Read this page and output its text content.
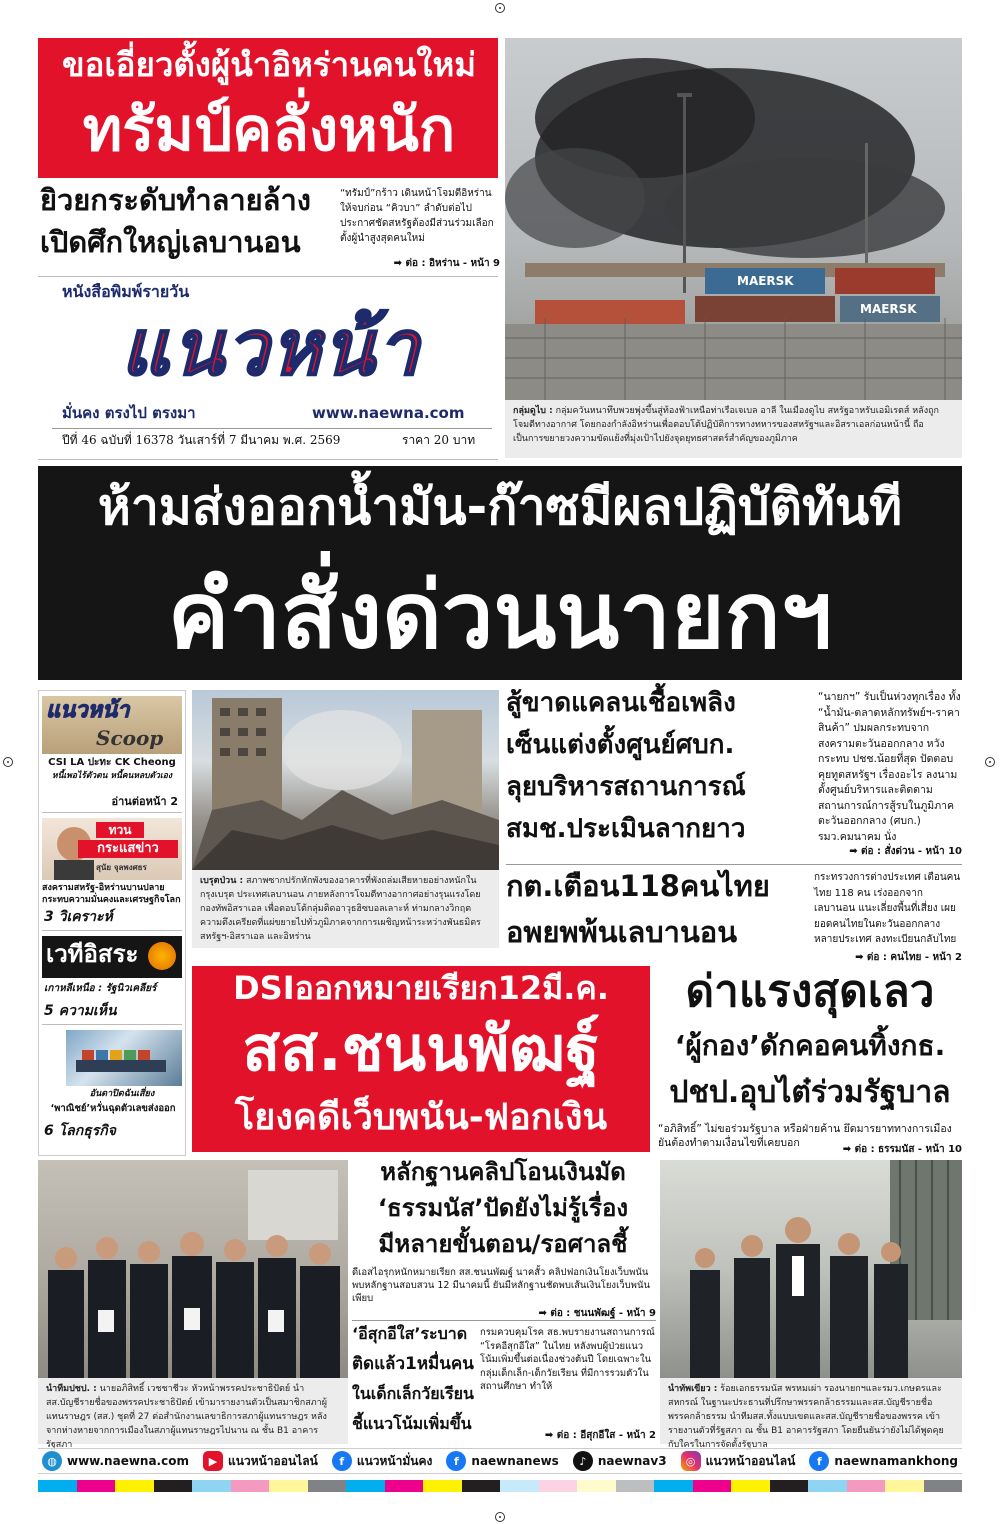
ขอเอี่ยวตั้งผู้นำอิหร่านคนใหม่
ทรัมป์คลั่งหนัก
ยิวยกระดับทำลายล้าง
เปิดศึกใหญ่เลบานอน
“ทรัมป์”กร้าว เดินหน้าโจมตีอิหร่านให้จบก่อน “คิวบา” ลำดับต่อไป ประกาศชัดสหรัฐต้องมีส่วนร่วมเลือกตั้งผู้นำสูงสุดคนใหม่
➡ ต่อ : อิหร่าน - หน้า 9
หนังสือพิมพ์รายวัน
แนวหน้า
มั่นคง ตรงไป ตรงมา	www.naewna.com
ปีที่ 46 ฉบับที่ 16378 วันเสาร์ที่ 7 มีนาคม พ.ศ. 2569	ราคา 20 บาท
MAERSK
MAERSK
กลุ่มดูไบ : กลุ่มควันหนาทึบพวยพุ่งขึ้นสู่ท้องฟ้าเหนือท่าเรือเจเบล อาลี ในเมืองดูไบ สหรัฐอาหรับเอมิเรตส์ หลังถูกโจมตีทางอากาศ โดยกองกำลังอิหร่านเพื่อตอบโต้ปฏิบัติการทางทหารของสหรัฐฯและอิสราเอลก่อนหน้านี้ ถือเป็นการขยายวงความขัดแย้งที่มุ่งเป้าไปยังจุดยุทธศาสตร์สำคัญของภูมิภาค
ห้ามส่งออกน้ำมัน-ก๊าซมีผลปฏิบัติทันที
คำสั่งด่วนนายกฯ
แนวหน้า
Scoop
CSI LA ปะทะ CK Cheong
หนี้เพอไร้ตัวตน หนี้คนหลบตัวเอง
อ่านต่อหน้า 2
ทวน
กระแสข่าว
สุนัย จุลพงศธร
สงครามสหรัฐ-อิหร่านบานปลาย กระทบความมั่นคงและเศรษฐกิจโลก
3 วิเคราะห์
เวทีอิสระ
เกาหลีเหนือ : รัฐนิวเคลียร์
5 ความเห็น
อันดาปิดฉันเสี่ยง
‘พาณิชย์’หวั่นฉุดตัวเลขส่งออก
6 โลกธุรกิจ
เบรุตป่วน : สภาพซากปรักหักพังของอาคารที่พังถล่มเสียหายอย่างหนักในกรุงเบรุต ประเทศเลบานอน ภายหลังการโจมตีทางอากาศอย่างรุนแรงโดยกองทัพอิสราเอล เพื่อตอบโต้กลุ่มติดอาวุธฮิซบอลเลาะห์ ท่ามกลางวิกฤตความตึงเครียดที่แผ่ขยายไปทั่วภูมิภาคจากการเผชิญหน้าระหว่างพันธมิตรสหรัฐฯ-อิสราเอล และอิหร่าน
สู้ขาดแคลนเชื้อเพลิง
เซ็นแต่งตั้งศูนย์ศบก.
ลุยบริหารสถานการณ์
สมช.ประเมินลากยาว
“นายกฯ” รับเป็นห่วงทุกเรื่อง ทั้ง “น้ำมัน-ตลาดหลักทรัพย์ฯ-ราคาสินค้า” ปมผลกระทบจากสงครามตะวันออกกลาง หวังกระทบ ปชช.น้อยที่สุด ปัดตอบคุยทูตสหรัฐฯ เรื่องอะไร ลงนามตั้งศูนย์บริหารและติดตามสถานการณ์การสู้รบในภูมิภาคตะวันออกกลาง (ศบก.) รมว.คมนาคม นั่ง
➡ ต่อ : สั่งด่วน - หน้า 10
กต.เตือน118คนไทย
อพยพพ้นเลบานอน
กระทรวงการต่างประเทศ เตือนคนไทย 118 คน เร่งออกจากเลบานอน แนะเลี่ยงพื้นที่เสี่ยง เผยยอดคนไทยในตะวันออกกลางหลายประเทศ ลงทะเบียนกลับไทย
➡ ต่อ : คนไทย - หน้า 2
DSIออกหมายเรียก12มี.ค.
สส.ชนนพัฒฐ์
โยงคดีเว็บพนัน-ฟอกเงิน
ด่าแรงสุดเลว
‘ผู้กอง’ดักคอคนทิ้งกธ.
ปชป.อุบไต๋ร่วมรัฐบาล
“อภิสิทธิ์” ไม่ขอร่วมรัฐบาล หรือฝ่ายค้าน ยึดมารยาททางการเมือง ยันต้องทำตามเงื่อนไขที่เคยบอก
➡ ต่อ : ธรรมนัส - หน้า 10
นำทีมปชป. : นายอภิสิทธิ์ เวชชาชีวะ หัวหน้าพรรคประชาธิปัตย์ นำ สส.บัญชีรายชื่อของพรรคประชาธิปัตย์ เข้ามารายงานตัวเป็นสมาชิกสภาผู้แทนราษฎร (สส.) ชุดที่ 27 ต่อสำนักงานเลขาธิการสภาผู้แทนราษฎร หลังจากห่างหายจากการเมืองในสภาผู้แทนราษฎรไปนาน ณ ชั้น B1 อาคารรัฐสภา
หลักฐานคลิปโอนเงินมัด
‘ธรรมนัส’ปัดยังไม่รู้เรื่อง
มีหลายขั้นตอน/รอศาลชี้
ดีเอสไอรุกหนักหมายเรียก สส.ชนนพัฒฐ์ นาคสั้ว คลิปฟอกเงินโยงเว็บพนันพบหลักฐานสอบสวน 12 มีนาคมนี้ ยันมีหลักฐานชัดพบเส้นเงินโยงเว็บพนันเพียบ
➡ ต่อ : ชนนพัฒฐ์ - หน้า 9
‘อีสุกอีใส’ระบาด
ติดแล้ว1หมื่นคน
ในเด็กเล็กวัยเรียน
ชี้แนวโน้มเพิ่มขึ้น
กรมควบคุมโรค สธ.พบรายงานสถานการณ์ “โรคอีสุกอีใส” ในไทย หลังพบผู้ป่วยแนวโน้มเพิ่มขึ้นต่อเนื่องช่วงต้นปี โดยเฉพาะในกลุ่มเด็กเล็ก-เด็กวัยเรียน ที่มีการรวมตัวในสถานศึกษา ทำให้
➡ ต่อ : อีสุกอีใส - หน้า 2
นำทัพเขียว : ร้อยเอกธรรมนัส พรหมเผ่า รองนายกฯและรมว.เกษตรและสหกรณ์ ในฐานะประธานที่ปรึกษาพรรคกล้าธรรมและสส.บัญชีรายชื่อ พรรคกล้าธรรม นำทีมสส.ทั้งแบบเขตและสส.บัญชีรายชื่อของพรรค เข้ารายงานตัวที่รัฐสภา ณ ชั้น B1 อาคารรัฐสภา โดยยืนยันว่ายังไม่ได้พูดคุยกับใครในการจัดตั้งรัฐบาล
◍ www.naewna.com	▶ แนวหน้าออนไลน์	f	แนวหน้ามั่นคง	f	naewnanews	♪ naewnav3	◎ แนวหน้าออนไลน์	f	naewnamankhong
